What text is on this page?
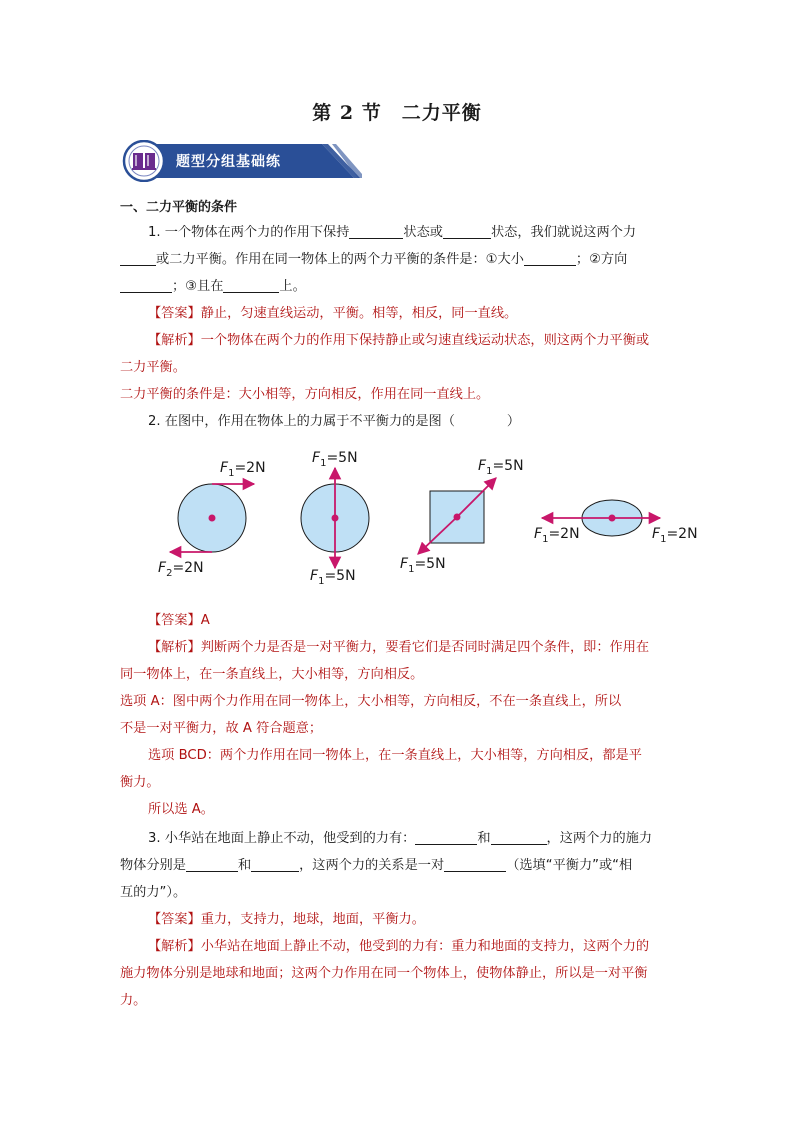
第 2 节　二力平衡
题型分组基础练
一、二力平衡的条件
1. 一个物体在两个力的作用下保持	状态或	状态，我们就说这两个力
或二力平衡。作用在同一物体上的两个力平衡的条件是：①大小	；②方向
；③且在	上。
【答案】静止，匀速直线运动，平衡。相等，相反，同一直线。
【解析】一个物体在两个力的作用下保持静止或匀速直线运动状态，则这两个力平衡或
二力平衡。
二力平衡的条件是：大小相等，方向相反，作用在同一直线上。
2. 在图中，作用在物体上的力属于不平衡力的是图（	）
$F_1=2N$
$F_2=2N$
$F_1=5N$
$F_1=5N$
$F_1=5N$
$F_1=5N$
$F_1=2N$	$F_1=2N$
【答案】A
【解析】判断两个力是否是一对平衡力，要看它们是否同时满足四个条件，即：作用在
同一物体上，在一条直线上，大小相等，方向相反。
选项 A：图中两个力作用在同一物体上，大小相等，方向相反，不在一条直线上，所以
不是一对平衡力，故 A 符合题意；
选项 BCD：两个力作用在同一物体上，在一条直线上，大小相等，方向相反，都是平
衡力。
所以选 A。
3. 小华站在地面上静止不动，他受到的力有：	和	，这两个力的施力
物体分别是	和	，这两个力的关系是一对	（选填“平衡力”或“相
互的力”）。
【答案】重力，支持力，地球，地面，平衡力。
【解析】小华站在地面上静止不动，他受到的力有：重力和地面的支持力，这两个力的
施力物体分别是地球和地面；这两个力作用在同一个物体上，使物体静止，所以是一对平衡
力。
